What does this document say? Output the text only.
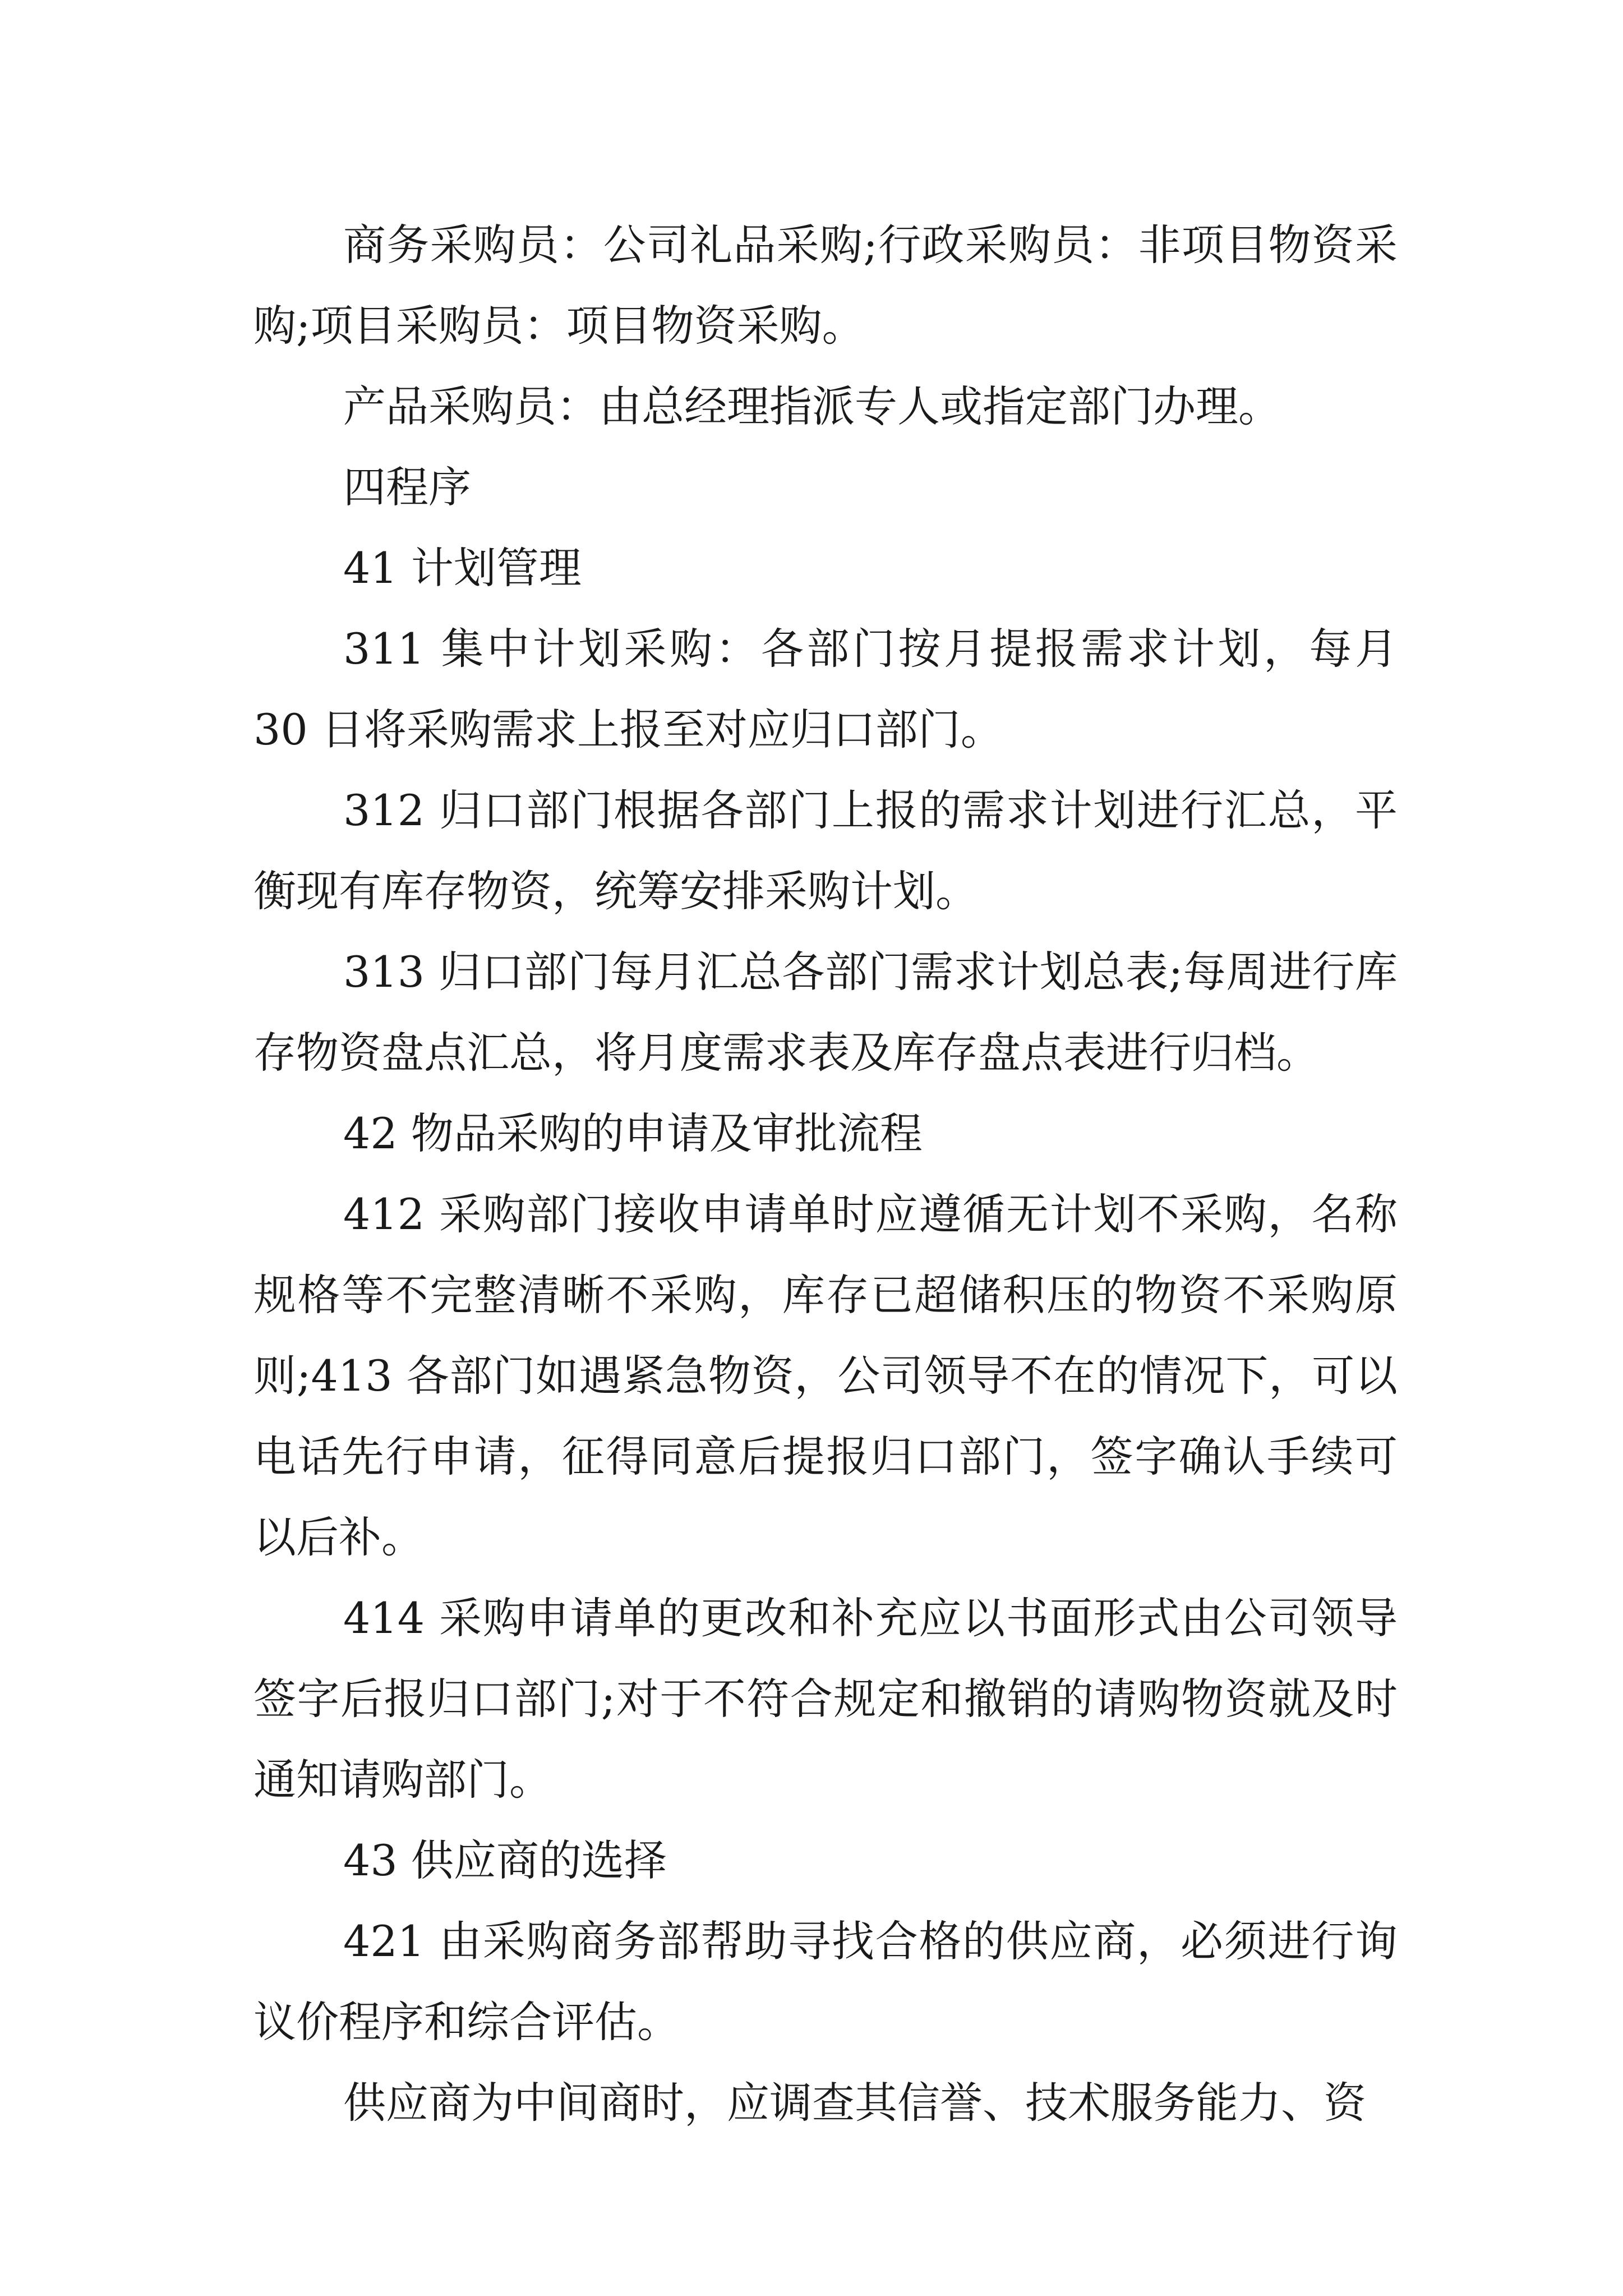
商务采购员：公司礼品采购;行政采购员：非项目物资采购;项目采购员：项目物资采购。

产品采购员：由总经理指派专人或指定部门办理。

四程序

41 计划管理

311 集中计划采购：各部门按月提报需求计划，每月 30 日将采购需求上报至对应归口部门。

312 归口部门根据各部门上报的需求计划进行汇总，平衡现有库存物资，统筹安排采购计划。

313 归口部门每月汇总各部门需求计划总表;每周进行库存物资盘点汇总，将月度需求表及库存盘点表进行归档。

42 物品采购的申请及审批流程

412 采购部门接收申请单时应遵循无计划不采购，名称规格等不完整清晰不采购，库存已超储积压的物资不采购原则;413 各部门如遇紧急物资，公司领导不在的情况下，可以电话先行申请，征得同意后提报归口部门，签字确认手续可以后补。

414 采购申请单的更改和补充应以书面形式由公司领导签字后报归口部门;对于不符合规定和撤销的请购物资就及时通知请购部门。

43 供应商的选择

421 由采购商务部帮助寻找合格的供应商，必须进行询议价程序和综合评估。

供应商为中间商时，应调查其信誉、技术服务能力、资
